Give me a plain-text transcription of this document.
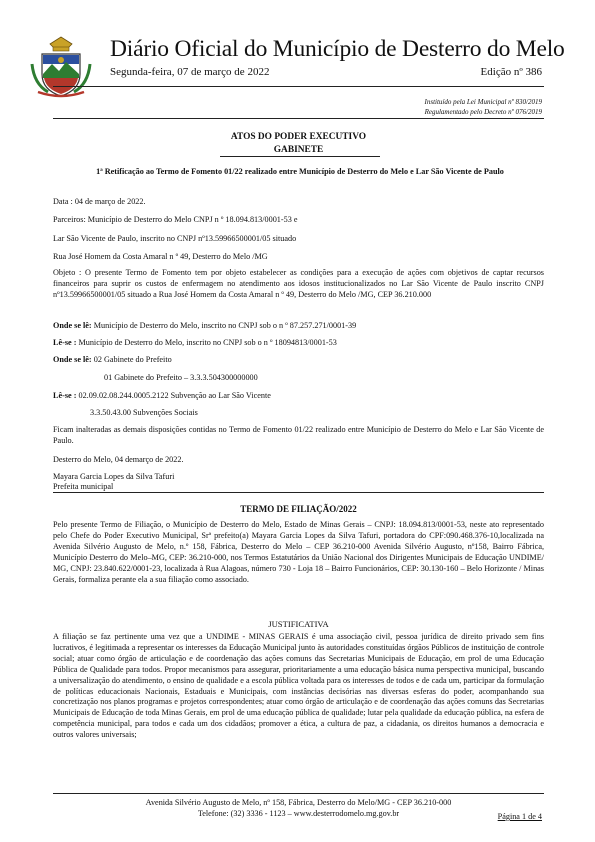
Diário Oficial do Município de Desterro do Melo
Segunda-feira, 07 de março de 2022	Edição nº 386
Instituído pela Lei Municipal nº 830/2019
Regulamentado pelo Decreto nº 076/2019
ATOS DO PODER EXECUTIVO
GABINETE
1ª Retificação ao Termo de Fomento 01/22 realizado entre Município de Desterro do Melo e Lar São Vicente de Paulo
Data : 04 de março de 2022.
Parceiros: Município de Desterro do Melo CNPJ n º 18.094.813/0001-53 e
Lar São Vicente de Paulo, inscrito no CNPJ nº13.59966500001/05 situado
Rua José Homem da Costa Amaral n º 49, Desterro do Melo /MG
Objeto : O presente Termo de Fomento tem por objeto estabelecer as condições para a execução de ações com objetivos de captar recursos financeiros para suprir os custos de enfermagem no atendimento aos idosos institucionalizados no Lar São Vicente de Paulo inscrito CNPJ nº13.59966500001/05 situado a Rua José Homem da Costa Amaral n º 49, Desterro do Melo /MG, CEP 36.210.000
Onde se lê: Município de Desterro do Melo, inscrito no CNPJ sob o n º 87.257.271/0001-39
Lê-se : Município de Desterro do Melo, inscrito no CNPJ sob o n º 18094813/0001-53
Onde se lê: 02 Gabinete do Prefeito
01 Gabinete do Prefeito – 3.3.3.504300000000
Lê-se : 02.09.02.08.244.0005.2122 Subvenção ao Lar São Vicente
3.3.50.43.00 Subvenções Sociais
Ficam inalteradas as demais disposições contidas no Termo de Fomento 01/22 realizado entre Município de Desterro do Melo e Lar São Vicente de Paulo.
Desterro do Melo, 04 demarço de 2022.
Mayara Garcia Lopes da Silva Tafuri
Prefeita municipal
TERMO DE FILIAÇÃO/2022
Pelo presente Termo de Filiação, o Município de Desterro do Melo, Estado de Minas Gerais – CNPJ: 18.094.813/0001-53, neste ato representado pelo Chefe do Poder Executivo Municipal, Srª prefeito(a) Mayara Garcia Lopes da Silva Tafuri, portadora do CPF:090.468.376-10,localizada na Avenida Silvério Augusto de Melo, n.º 158, Fábrica, Desterro do Melo – CEP 36.210-000 Avenida Silvério Augusto, nº158, Bairro Fábrica, Município Desterro do Melo–MG, CEP: 36.210-000, nos Termos Estatutários da União Nacional dos Dirigentes Municipais de Educação UNDIME/ MG, CNPJ: 23.840.622/0001-23, localizada à Rua Alagoas, número 730 - Loja 18 – Bairro Funcionários, CEP: 30.130-160 – Belo Horizonte / Minas Gerais, formaliza perante ela a sua filiação como associado.
JUSTIFICATIVA
A filiação se faz pertinente uma vez que a UNDIME - MINAS GERAIS é uma associação civil, pessoa jurídica de direito privado sem fins lucrativos, é legitimada a representar os interesses da Educação Municipal junto às autoridades constituídas órgãos Públicos de instituição de controle social; atuar como órgão de articulação e de coordenação das ações comuns das Secretarias Municipais de Educação, em prol de uma Educação Pública de Qualidade para todos. Propor mecanismos para assegurar, prioritariamente a uma educação básica numa perspectiva municipal, buscando a universalização do atendimento, o ensino de qualidade e a escola pública voltada para os interesses de todos e de cada um, participar da formulação de políticas educacionais Nacionais, Estaduais e Municipais, com instâncias decisórias nas diversas esferas do poder, acompanhando sua concretização nos planos programas e projetos correspondentes; atuar como órgão de articulação e de coordenação das ações comuns das Secretarias Municipais de Educação de toda Minas Gerais, em prol de uma educação pública de qualidade; lutar pela qualidade da educação pública, na esfera de competência municipal, para todos e cada um dos cidadãos; promover a ética, a cultura de paz, a cidadania, os direitos humanos a democracia e outros valores universais;
Avenida Silvério Augusto de Melo, nº 158, Fábrica, Desterro do Melo/MG - CEP 36.210-000
Telefone: (32) 3336 - 1123 – www.desterrodomelo.mg.gov.br	Página 1 de 4
